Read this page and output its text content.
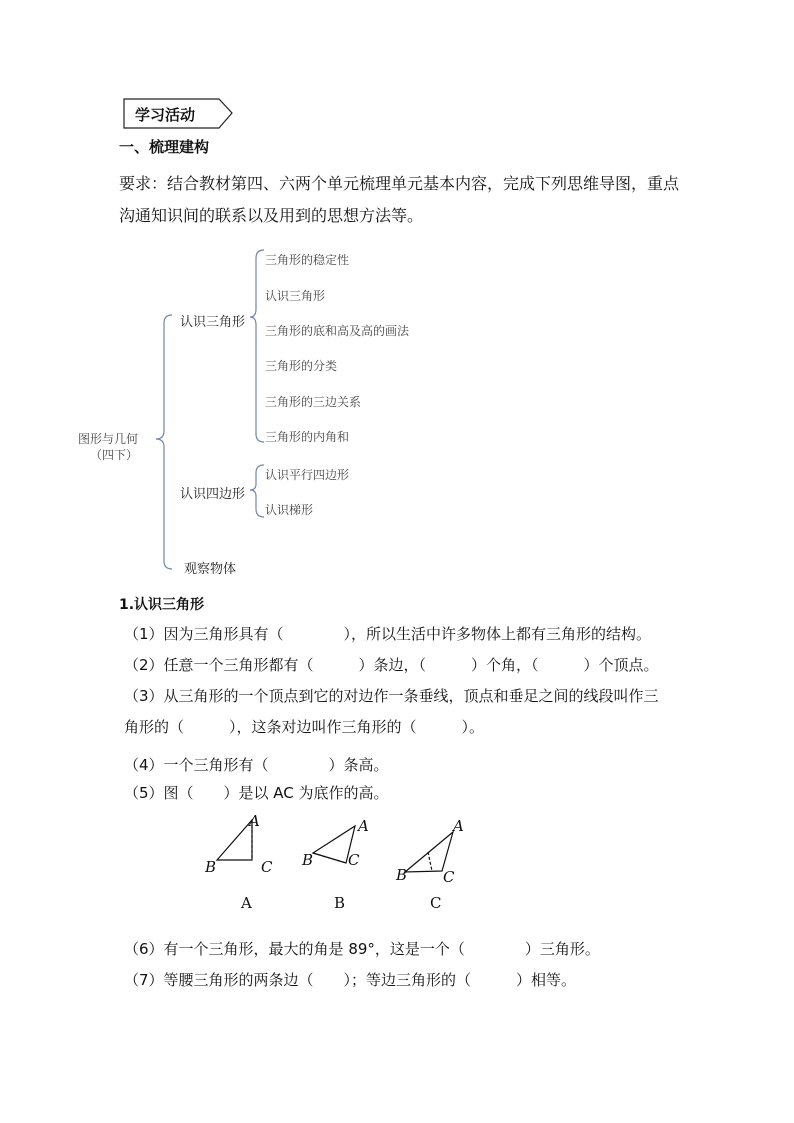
学习活动
一、梳理建构
要求：结合教材第四、六两个单元梳理单元基本内容，完成下列思维导图，重点
沟通知识间的联系以及用到的思想方法等。
图形与几何
（四下）
认识三角形
认识四边形
观察物体
三角形的稳定性
认识三角形
三角形的底和高及高的画法
三角形的分类
三角形的三边关系
三角形的内角和
认识平行四边形
认识梯形
1.认识三角形
（1）因为三角形具有（　　　　），所以生活中许多物体上都有三角形的结构。
（2）任意一个三角形都有（　　　）条边，（　　　）个角，（　　　）个顶点。
（3）从三角形的一个顶点到它的对边作一条垂线，顶点和垂足之间的线段叫作三
角形的（　　　），这条对边叫作三角形的（　　　）。
（4）一个三角形有（　　　　）条高。
（5）图（　　）是以 AC 为底作的高。
A
B	C
A
B C
A
B C
A	B	C
（6）有一个三角形，最大的角是 89°，这是一个（　　　　）三角形。
（7）等腰三角形的两条边（　　）；等边三角形的（　　　）相等。
